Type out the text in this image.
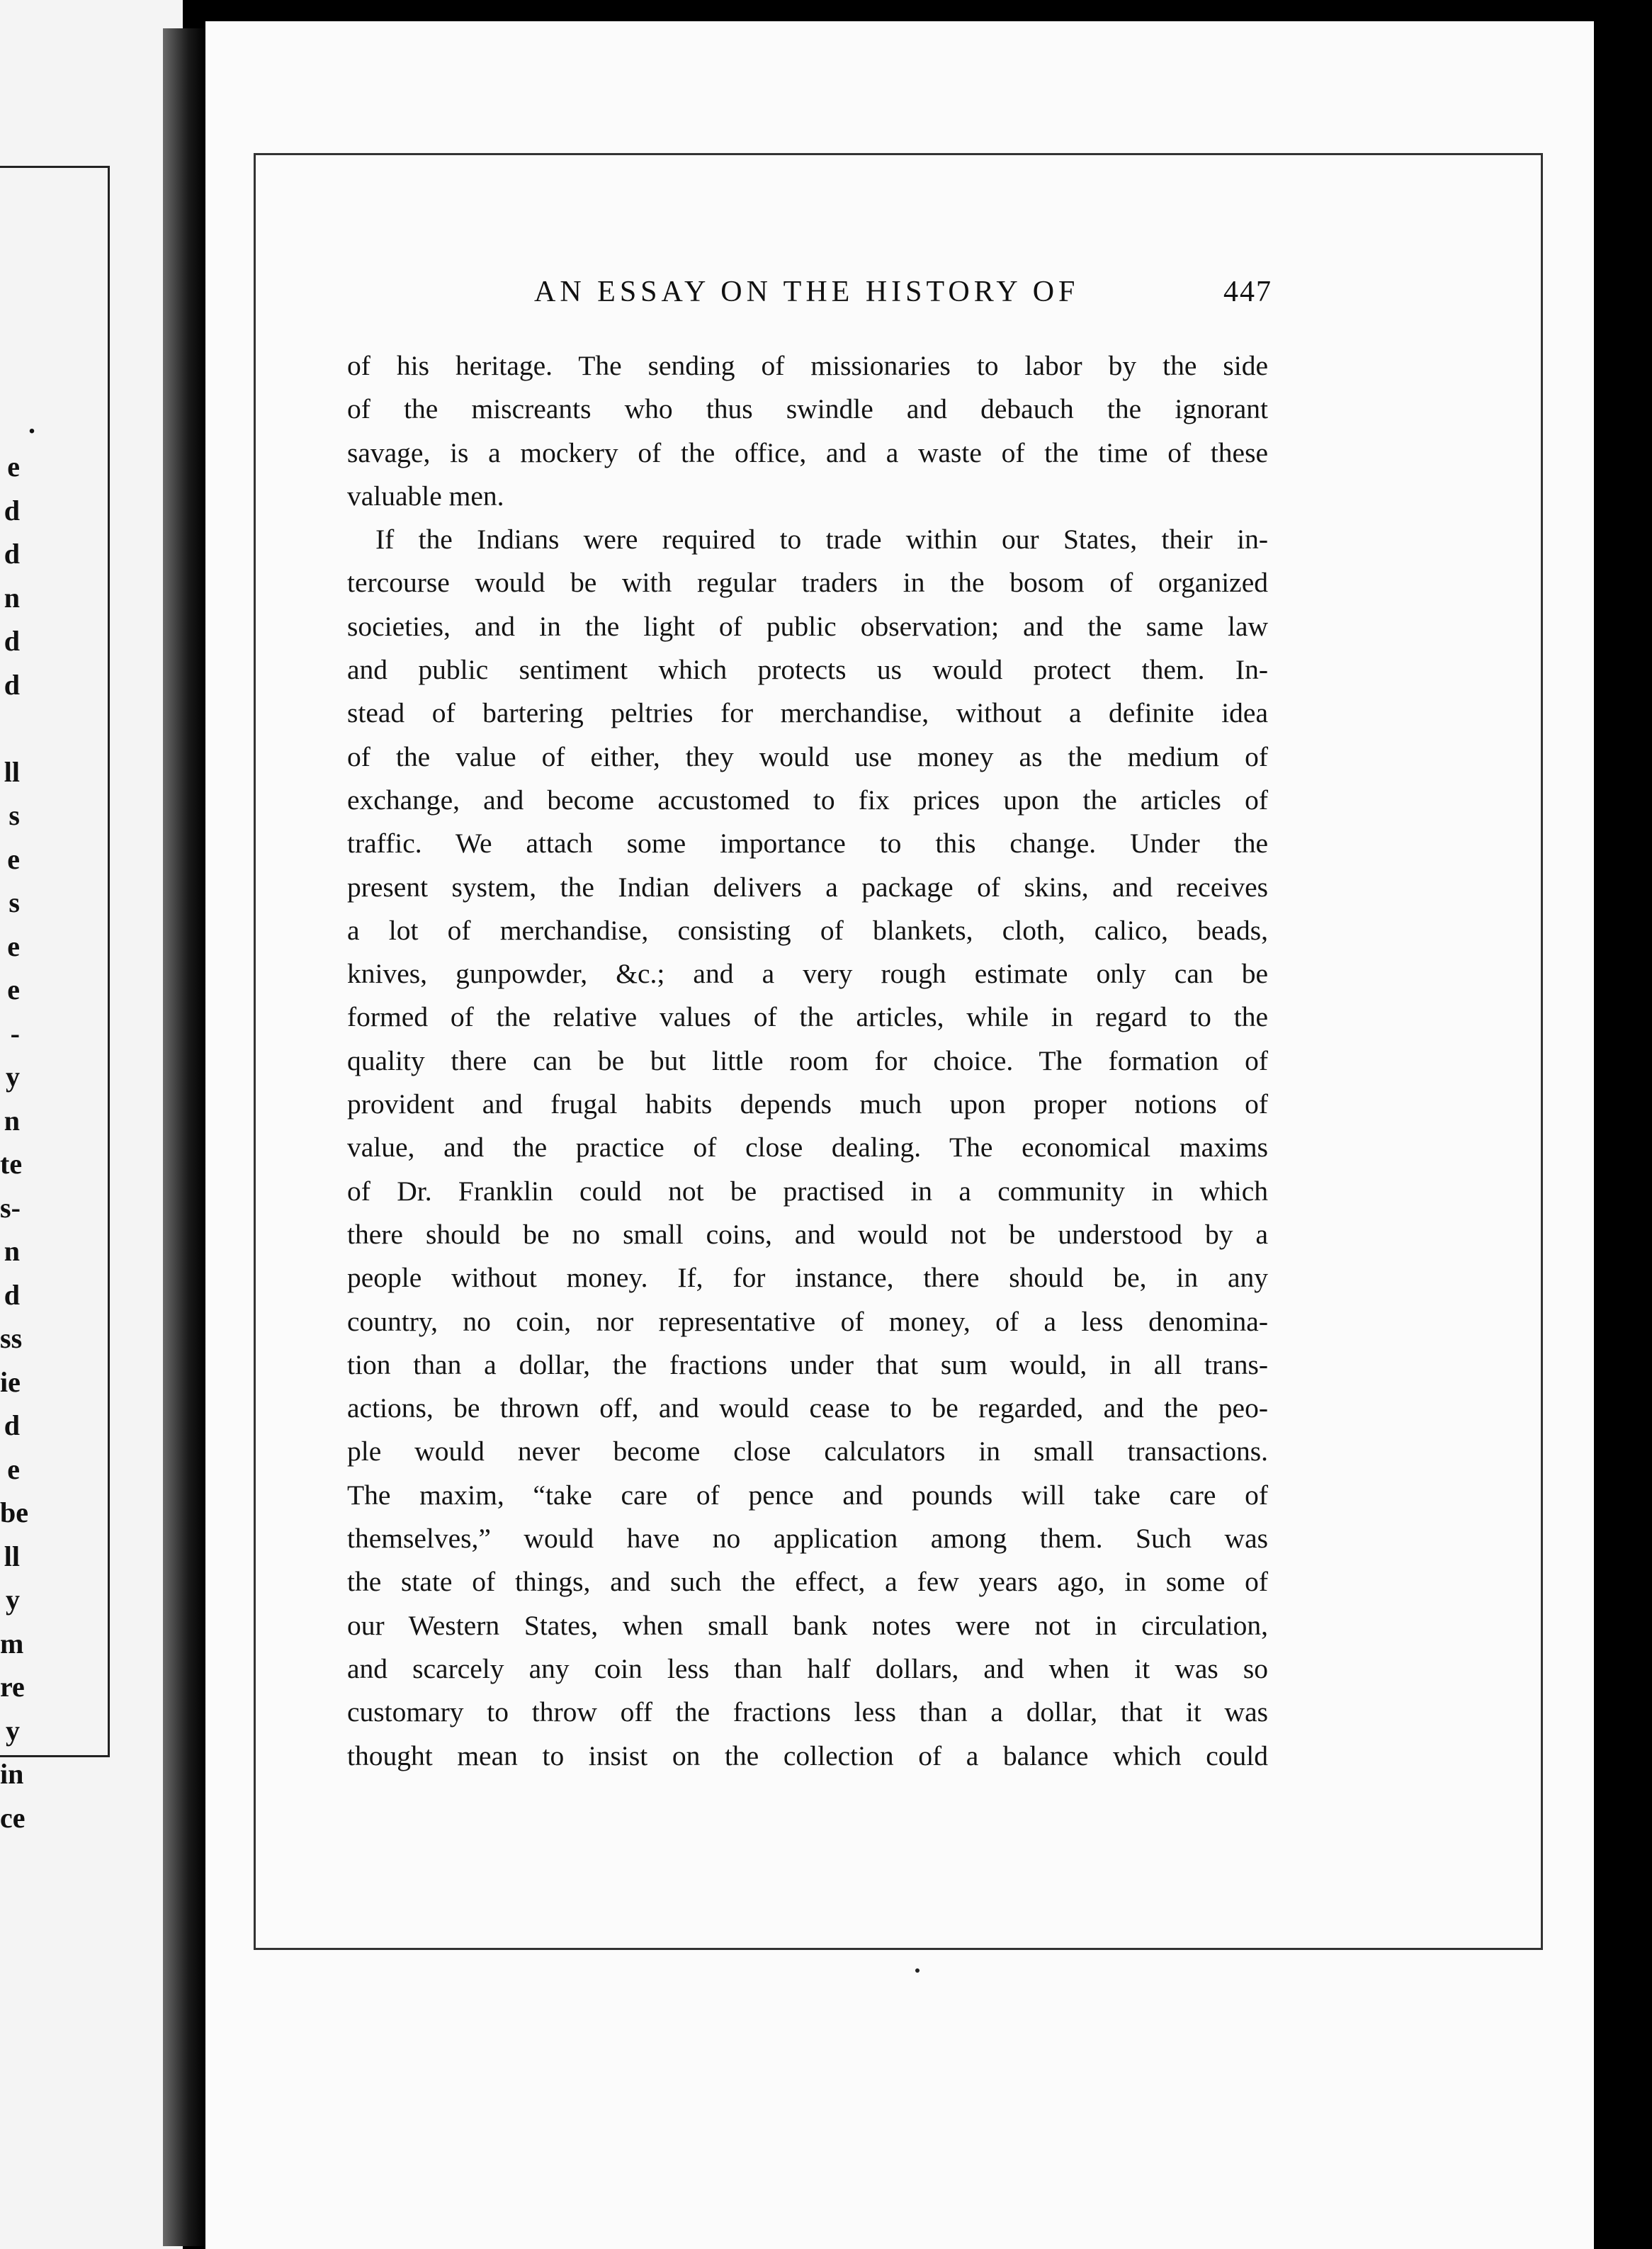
.
e
d
d
n
d
d

ll
s
e
s
e
e
-
y
n
te
s-
n
d
ss
ie
d
e
be
ll
y
m
re
y
in
ce

AN ESSAY ON THE HISTORY OF	447
of his heritage. The sending of missionaries to labor by the side
of the miscreants who thus swindle and debauch the ignorant
savage, is a mockery of the office, and a waste of the time of these
valuable men.
If the Indians were required to trade within our States, their in-
tercourse would be with regular traders in the bosom of organized
societies, and in the light of public observation; and the same law
and public sentiment which protects us would protect them. In-
stead of bartering peltries for merchandise, without a definite idea
of the value of either, they would use money as the medium of
exchange, and become accustomed to fix prices upon the articles of
traffic. We attach some importance to this change. Under the
present system, the Indian delivers a package of skins, and receives
a lot of merchandise, consisting of blankets, cloth, calico, beads,
knives, gunpowder, &c.; and a very rough estimate only can be
formed of the relative values of the articles, while in regard to the
quality there can be but little room for choice. The formation of
provident and frugal habits depends much upon proper notions of
value, and the practice of close dealing. The economical maxims
of Dr. Franklin could not be practised in a community in which
there should be no small coins, and would not be understood by a
people without money. If, for instance, there should be, in any
country, no coin, nor representative of money, of a less denomina-
tion than a dollar, the fractions under that sum would, in all trans-
actions, be thrown off, and would cease to be regarded, and the peo-
ple would never become close calculators in small transactions.
The maxim, “take care of pence and pounds will take care of
themselves,” would have no application among them. Such was
the state of things, and such the effect, a few years ago, in some of
our Western States, when small bank notes were not in circulation,
and scarcely any coin less than half dollars, and when it was so
customary to throw off the fractions less than a dollar, that it was
thought mean to insist on the collection of a balance which could
